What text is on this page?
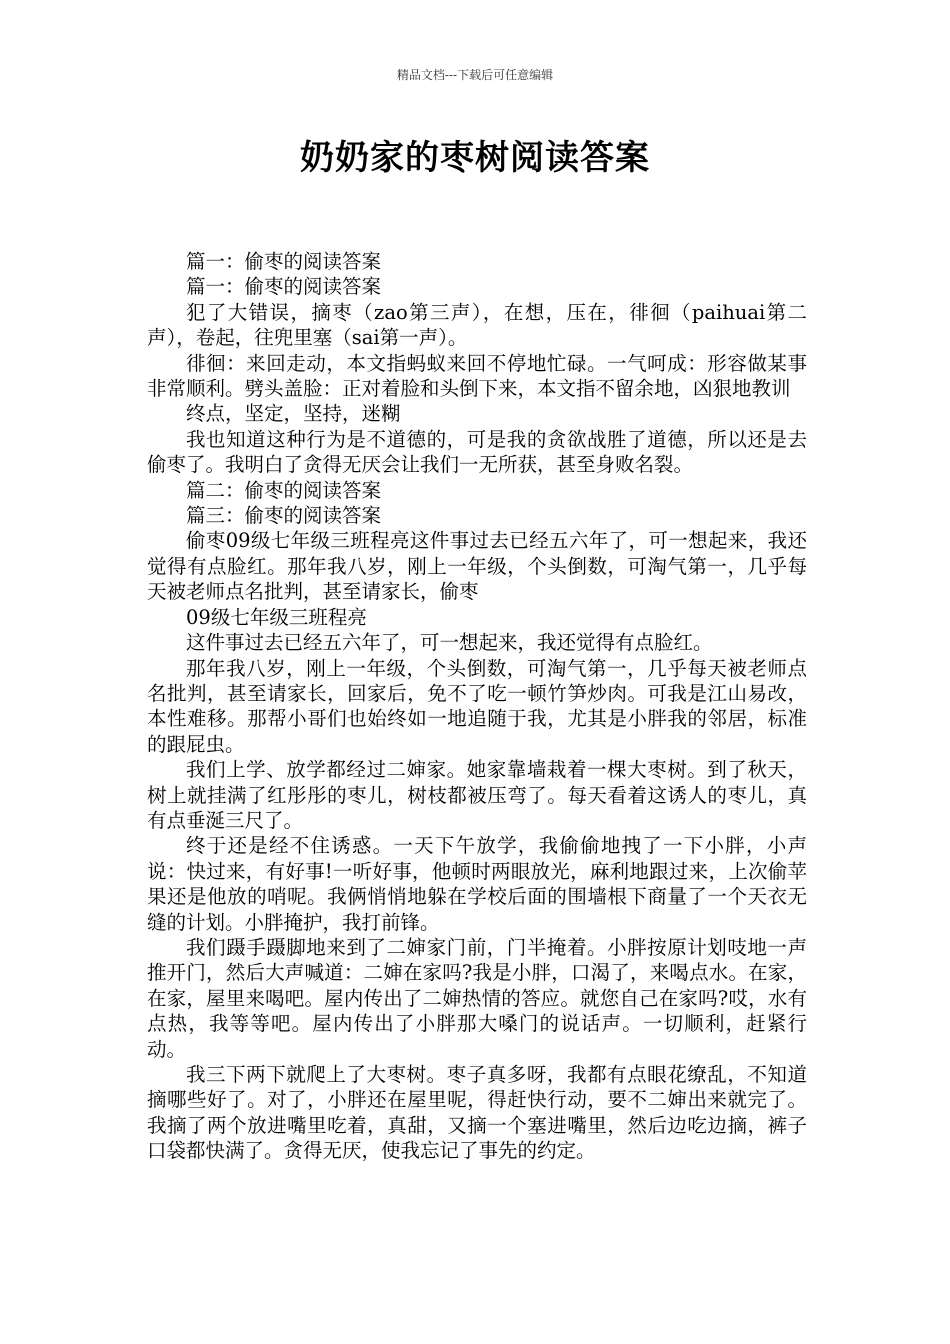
精品文档---下载后可任意编辑
奶奶家的枣树阅读答案

篇一：偷枣的阅读答案

篇一：偷枣的阅读答案

犯了大错误，摘枣（zao第三声），在想，压在，徘徊（paihuai第二声），卷起，往兜里塞（sai第一声）。

徘徊：来回走动，本文指蚂蚁来回不停地忙碌。一气呵成：形容做某事非常顺利。劈头盖脸：正对着脸和头倒下来，本文指不留余地，凶狠地教训

终点，坚定，坚持，迷糊

我也知道这种行为是不道德的，可是我的贪欲战胜了道德，所以还是去偷枣了。我明白了贪得无厌会让我们一无所获，甚至身败名裂。

篇二：偷枣的阅读答案

篇三：偷枣的阅读答案

偷枣09级七年级三班程亮这件事过去已经五六年了，可一想起来，我还觉得有点脸红。那年我八岁，刚上一年级，个头倒数，可淘气第一，几乎每天被老师点名批判，甚至请家长，偷枣

09级七年级三班程亮

这件事过去已经五六年了，可一想起来，我还觉得有点脸红。

那年我八岁，刚上一年级，个头倒数，可淘气第一，几乎每天被老师点名批判，甚至请家长，回家后，免不了吃一顿竹笋炒肉。可我是江山易改，本性难移。那帮小哥们也始终如一地追随于我，尤其是小胖我的邻居，标准的跟屁虫。

我们上学、放学都经过二婶家。她家靠墙栽着一棵大枣树。到了秋天，树上就挂满了红彤彤的枣儿，树枝都被压弯了。每天看着这诱人的枣儿，真有点垂涎三尺了。

终于还是经不住诱惑。一天下午放学，我偷偷地拽了一下小胖，小声说：快过来，有好事!一听好事，他顿时两眼放光，麻利地跟过来，上次偷苹果还是他放的哨呢。我俩悄悄地躲在学校后面的围墙根下商量了一个天衣无缝的计划。小胖掩护，我打前锋。

我们蹑手蹑脚地来到了二婶家门前，门半掩着。小胖按原计划吱地一声推开门，然后大声喊道：二婶在家吗?我是小胖，口渴了，来喝点水。在家，在家，屋里来喝吧。屋内传出了二婶热情的答应。就您自己在家吗?哎，水有点热，我等等吧。屋内传出了小胖那大嗓门的说话声。一切顺利，赶紧行动。

我三下两下就爬上了大枣树。枣子真多呀，我都有点眼花缭乱，不知道摘哪些好了。对了，小胖还在屋里呢，得赶快行动，要不二婶出来就完了。我摘了两个放进嘴里吃着，真甜，又摘一个塞进嘴里，然后边吃边摘，裤子口袋都快满了。贪得无厌，使我忘记了事先的约定。
